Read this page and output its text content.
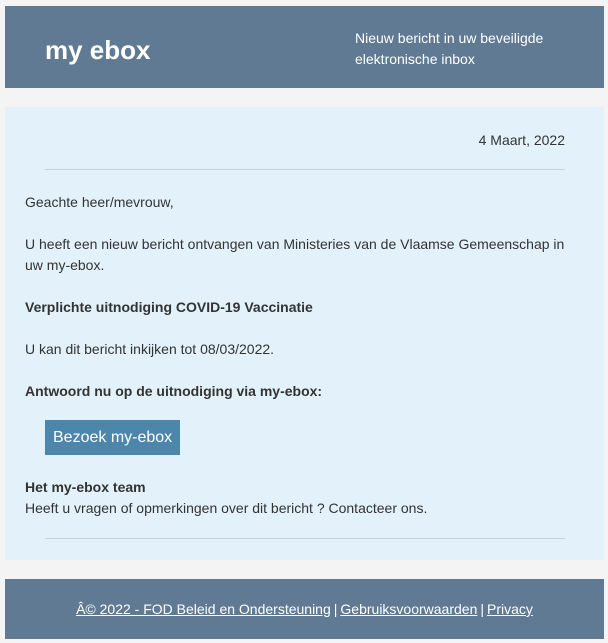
my ebox	Nieuw bericht in uw beveiligde elektronische inbox
4 Maart, 2022
Geachte heer/mevrouw,
U heeft een nieuw bericht ontvangen van Ministeries van de Vlaamse Gemeenschap in uw my-ebox.
Verplichte uitnodiging COVID-19 Vaccinatie
U kan dit bericht inkijken tot 08/03/2022.
Antwoord nu op de uitnodiging via my-ebox:
Bezoek my-ebox
Het my-ebox team
Heeft u vragen of opmerkingen over dit bericht ? Contacteer ons.
Â© 2022 - FOD Beleid en Ondersteuning | Gebruiksvoorwaarden | Privacy
